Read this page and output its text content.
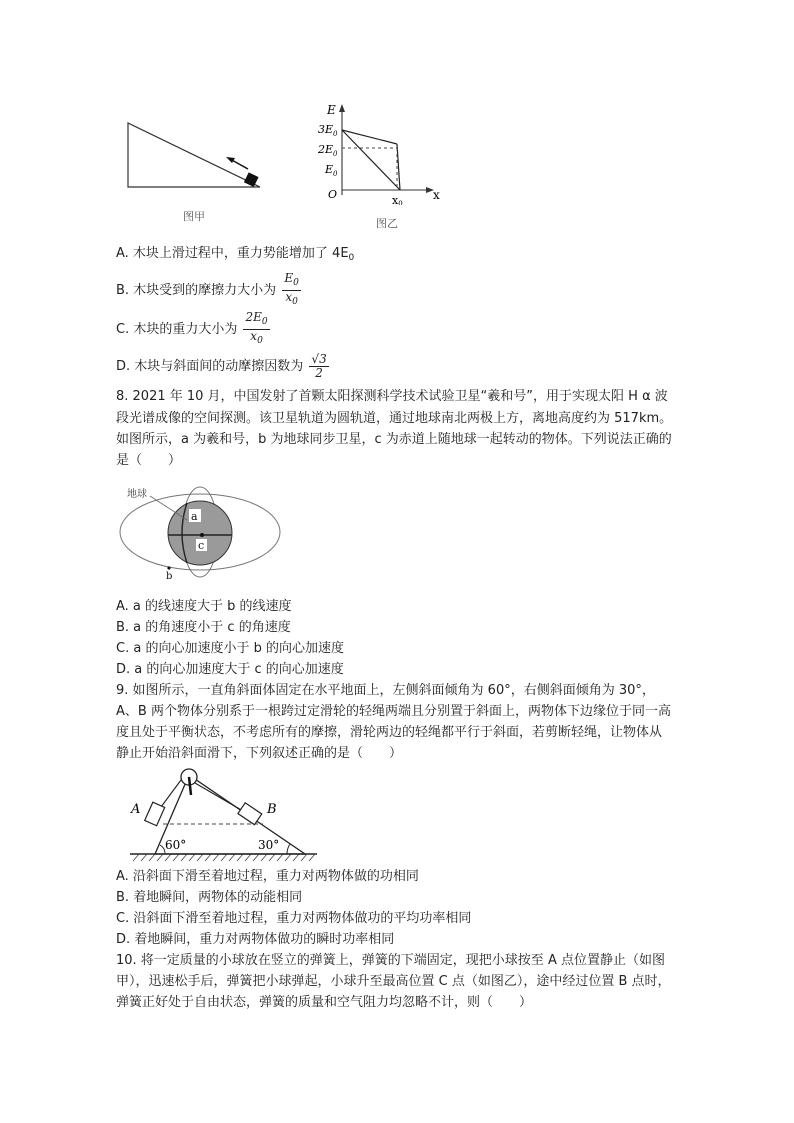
图甲
E
x
O
$3E_0$
$2E_0$
$E_0$
x0
图乙
A. 木块上滑过程中，重力势能增加了 $4E_0$
B. 木块受到的摩擦力大小为 $\frac{E_0}{x_0}$
C. 木块的重力大小为 $\frac{2E_0}{x_0}$
D. 木块与斜面间的动摩擦因数为 $\frac{√3}{2}$
8. 2021 年 10 月，中国发射了首颗太阳探测科学技术试验卫星“羲和号”，用于实现太阳 H α 波
段光谱成像的空间探测。该卫星轨道为圆轨道，通过地球南北两极上方，离地高度约为 517km。
如图所示，a 为羲和号，b 为地球同步卫星，c 为赤道上随地球一起转动的物体。下列说法正确的
是（　　）
地球
a
c
b
A. a 的线速度大于 b 的线速度
B. a 的角速度小于 c 的角速度
C. a 的向心加速度小于 b 的向心加速度
D. a 的向心加速度大于 c 的向心加速度
9. 如图所示，一直角斜面体固定在水平地面上，左侧斜面倾角为 60°，右侧斜面倾角为 30°，
A、B 两个物体分别系于一根跨过定滑轮的轻绳两端且分别置于斜面上，两物体下边缘位于同一高
度且处于平衡状态，不考虑所有的摩擦，滑轮两边的轻绳都平行于斜面，若剪断轻绳，让物体从
静止开始沿斜面滑下，下列叙述正确的是（　　）
A	B
60°	30°
A. 沿斜面下滑至着地过程，重力对两物体做的功相同
B. 着地瞬间，两物体的动能相同
C. 沿斜面下滑至着地过程，重力对两物体做功的平均功率相同
D. 着地瞬间，重力对两物体做功的瞬时功率相同
10. 将一定质量的小球放在竖立的弹簧上，弹簧的下端固定，现把小球按至 A 点位置静止（如图
甲），迅速松手后，弹簧把小球弹起，小球升至最高位置 C 点（如图乙），途中经过位置 B 点时，
弹簧正好处于自由状态，弹簧的质量和空气阻力均忽略不计，则（　　）
